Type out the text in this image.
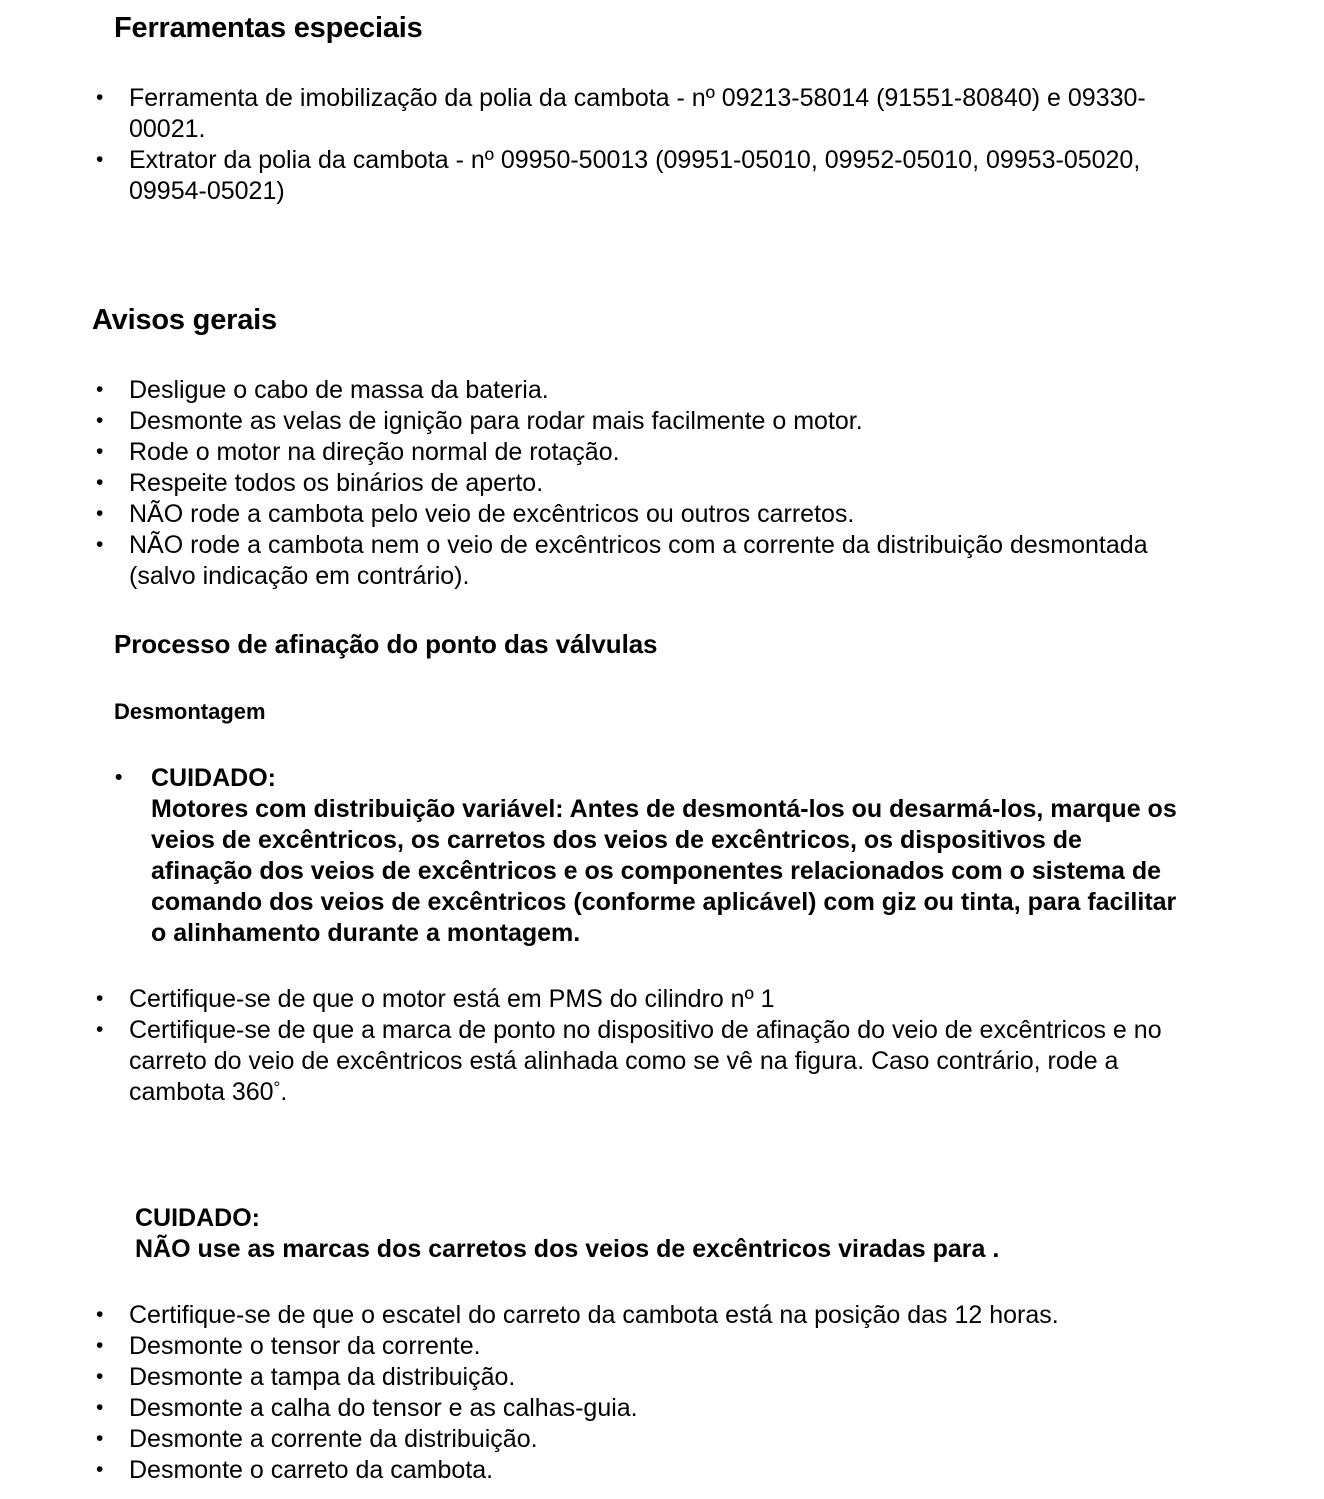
Ferramentas especiais
• Ferramenta de imobilização da polia da cambota - nº 09213-58014 (91551-80840) e 09330-00021.
• Extrator da polia da cambota - nº 09950-50013 (09951-05010, 09952-05010, 09953-05020, 09954-05021)
Avisos gerais
• Desligue o cabo de massa da bateria.
• Desmonte as velas de ignição para rodar mais facilmente o motor.
• Rode o motor na direção normal de rotação.
• Respeite todos os binários de aperto.
• NÃO rode a cambota pelo veio de excêntricos ou outros carretos.
• NÃO rode a cambota nem o veio de excêntricos com a corrente da distribuição desmontada (salvo indicação em contrário).
Processo de afinação do ponto das válvulas
Desmontagem
• CUIDADO:
Motores com distribuição variável: Antes de desmontá-los ou desarmá-los, marque os veios de excêntricos, os carretos dos veios de excêntricos, os dispositivos de afinação dos veios de excêntricos e os componentes relacionados com o sistema de comando dos veios de excêntricos (conforme aplicável) com giz ou tinta, para facilitar o alinhamento durante a montagem.
• Certifique-se de que o motor está em PMS do cilindro nº 1
• Certifique-se de que a marca de ponto no dispositivo de afinação do veio de excêntricos e no carreto do veio de excêntricos está alinhada como se vê na figura. Caso contrário, rode a cambota 360°.
CUIDADO:
NÃO use as marcas dos carretos dos veios de excêntricos viradas para .
• Certifique-se de que o escatel do carreto da cambota está na posição das 12 horas.
• Desmonte o tensor da corrente.
• Desmonte a tampa da distribuição.
• Desmonte a calha do tensor e as calhas-guia.
• Desmonte a corrente da distribuição.
• Desmonte o carreto da cambota.
